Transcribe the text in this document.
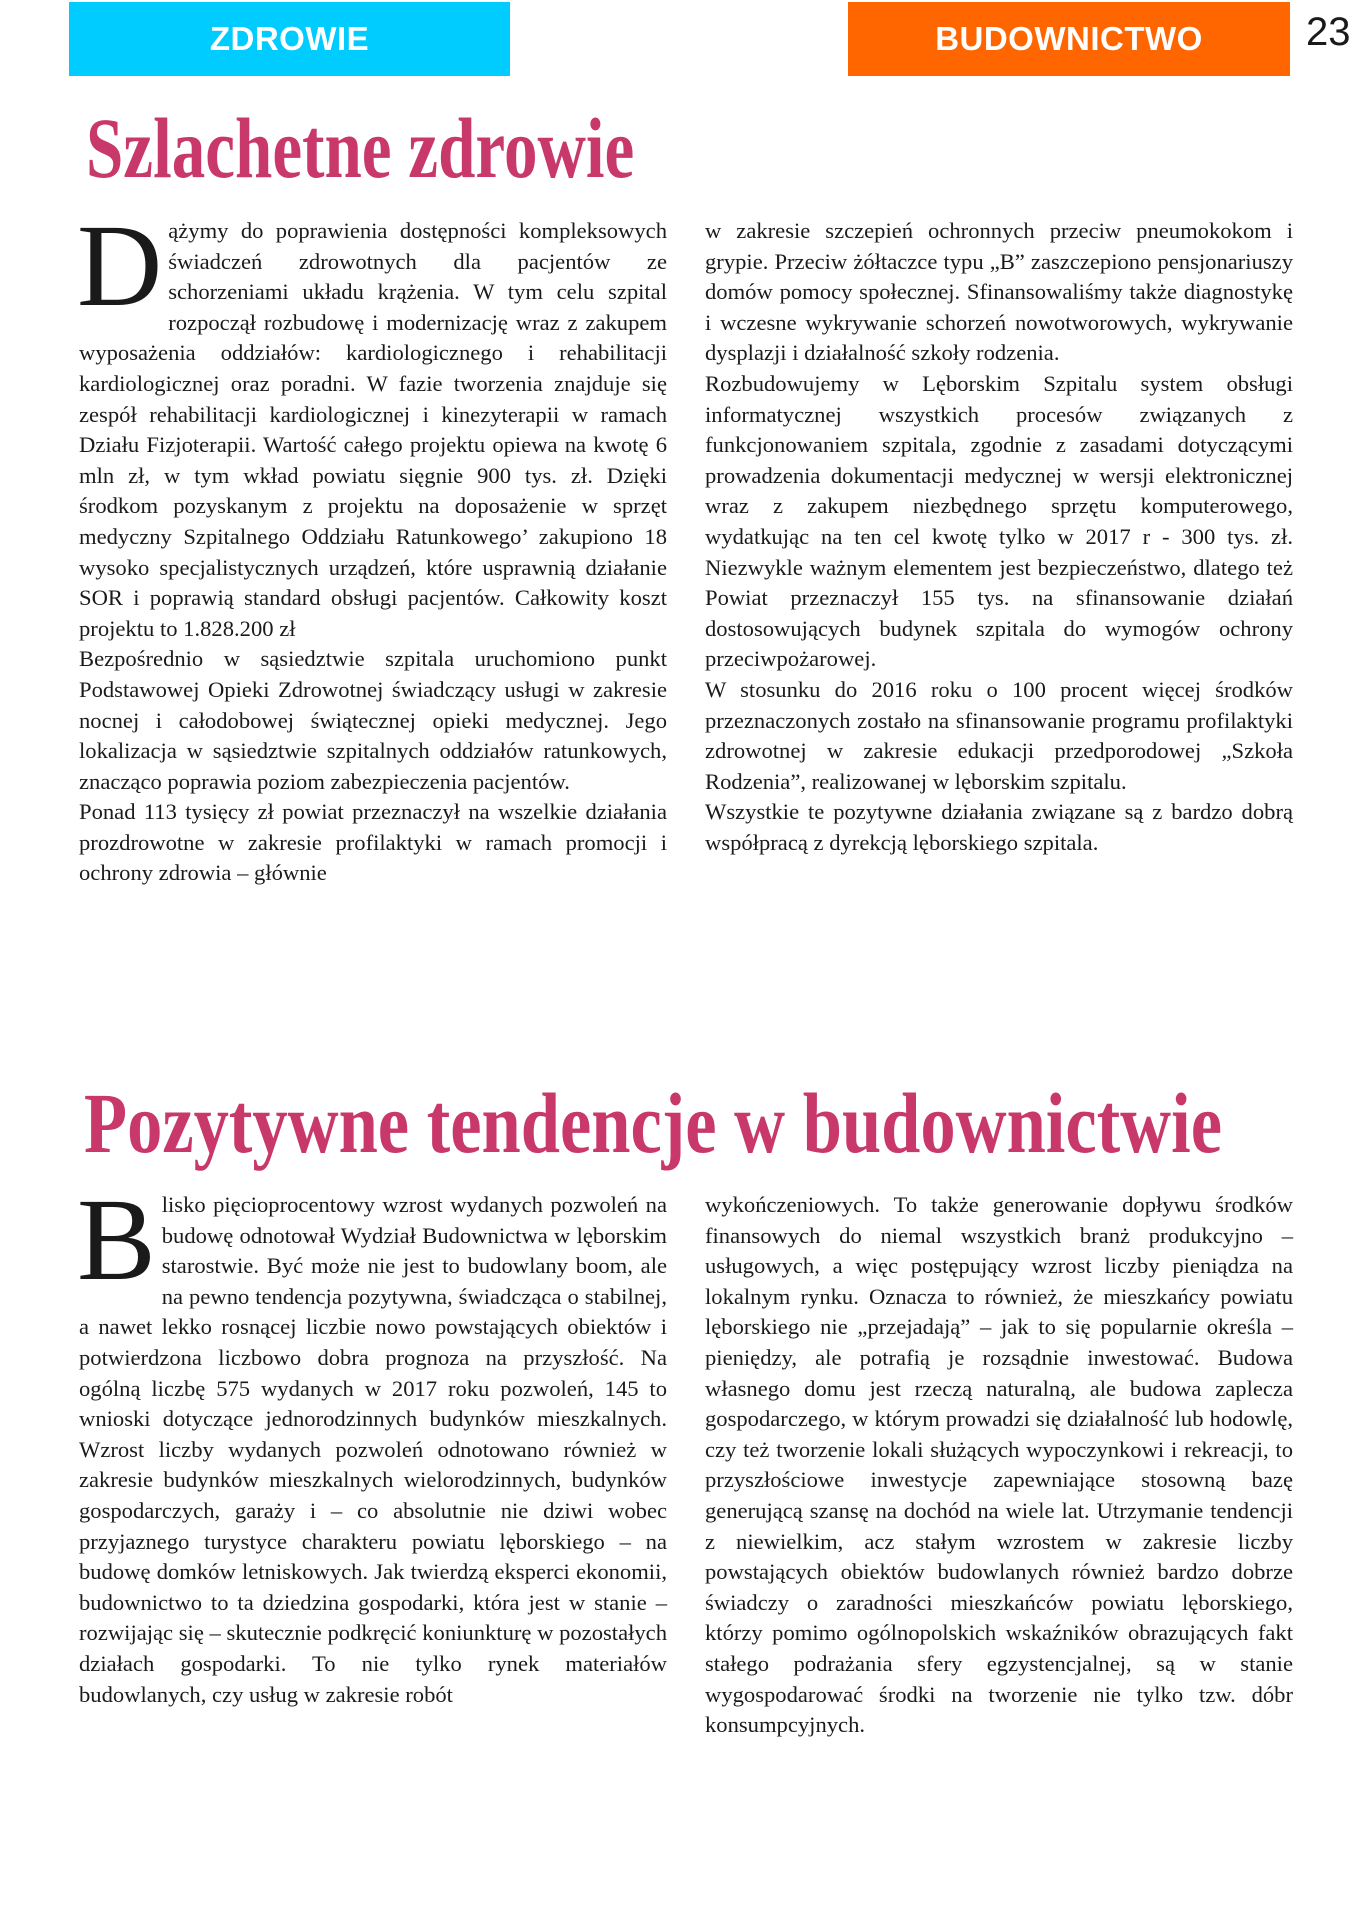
ZDROWIE	BUDOWNICTWO	23
Szlachetne zdrowie

Dążymy do poprawienia dostępności kompleksowych świadczeń zdrowotnych dla pacjentów ze schorzeniami układu krążenia. W tym celu szpital rozpoczął rozbudowę i modernizację wraz z zakupem wyposażenia oddziałów: kardiologicznego i rehabilitacji kardiologicznej oraz poradni. W fazie tworzenia znajduje się zespół rehabilitacji kardiologicznej i kinezyterapii w ramach Działu Fizjoterapii. Wartość całego projektu opiewa na kwotę 6 mln zł, w tym wkład powiatu sięgnie 900 tys. zł. Dzięki środkom pozyskanym z projektu na doposażenie w sprzęt medyczny Szpitalnego Oddziału Ratunkowego’ zakupiono 18 wysoko specjalistycznych urządzeń, które usprawnią działanie SOR i poprawią standard obsługi pacjentów. Całkowity koszt projektu to 1.828.200 zł

Bezpośrednio w sąsiedztwie szpitala uruchomiono punkt Podstawowej Opieki Zdrowotnej świadczący usługi w zakresie nocnej i całodobowej świątecznej opieki medycznej. Jego lokalizacja w sąsiedztwie szpitalnych oddziałów ratunkowych, znacząco poprawia poziom zabezpieczenia pacjentów.

Ponad 113 tysięcy zł powiat przeznaczył na wszelkie działania prozdrowotne w zakresie profilaktyki w ramach promocji i ochrony zdrowia – głównie

w zakresie szczepień ochronnych przeciw pneumokokom i grypie. Przeciw żółtaczce typu „B” zaszczepiono pensjonariuszy domów pomocy społecznej. Sfinansowaliśmy także diagnostykę i wczesne wykrywanie schorzeń nowotworowych, wykrywanie dysplazji i działalność szkoły rodzenia.

Rozbudowujemy w Lęborskim Szpitalu system obsługi informatycznej wszystkich procesów związanych z funkcjonowaniem szpitala, zgodnie z zasadami dotyczącymi prowadzenia dokumentacji medycznej w wersji elektronicznej wraz z zakupem niezbędnego sprzętu komputerowego, wydatkując na ten cel kwotę tylko w 2017 r - 300 tys. zł. Niezwykle ważnym elementem jest bezpieczeństwo, dlatego też Powiat przeznaczył 155 tys. na sfinansowanie działań dostosowujących budynek szpitala do wymogów ochrony przeciwpożarowej.

W stosunku do 2016 roku o 100 procent więcej środków przeznaczonych zostało na sfinansowanie programu profilaktyki zdrowotnej w zakresie edukacji przedporodowej „Szkoła Rodzenia”, realizowanej w lęborskim szpitalu.

Wszystkie te pozytywne działania związane są z bardzo dobrą współpracą z dyrekcją lęborskiego szpitala.

Pozytywne tendencje w budownictwie

Blisko pięcioprocentowy wzrost wydanych pozwoleń na budowę odnotował Wydział Budownictwa w lęborskim starostwie. Być może nie jest to budowlany boom, ale na pewno tendencja pozytywna, świadcząca o stabilnej, a nawet lekko rosnącej liczbie nowo powstających obiektów i potwierdzona liczbowo dobra prognoza na przyszłość. Na ogólną liczbę 575 wydanych w 2017 roku pozwoleń, 145 to wnioski dotyczące jednorodzinnych budynków mieszkalnych. Wzrost liczby wydanych pozwoleń odnotowano również w zakresie budynków mieszkalnych wielorodzinnych, budynków gospodarczych, garaży i – co absolutnie nie dziwi wobec przyjaznego turystyce charakteru powiatu lęborskiego – na budowę domków letniskowych. Jak twierdzą eksperci ekonomii, budownictwo to ta dziedzina gospodarki, która jest w stanie – rozwijając się – skutecznie podkręcić koniunkturę w pozostałych działach gospodarki. To nie tylko rynek materiałów budowlanych, czy usług w zakresie robót

wykończeniowych. To także generowanie dopływu środków finansowych do niemal wszystkich branż produkcyjno – usługowych, a więc postępujący wzrost liczby pieniądza na lokalnym rynku. Oznacza to również, że mieszkańcy powiatu lęborskiego nie „przejadają” – jak to się popularnie określa – pieniędzy, ale potrafią je rozsądnie inwestować. Budowa własnego domu jest rzeczą naturalną, ale budowa zaplecza gospodarczego, w którym prowadzi się działalność lub hodowlę, czy też tworzenie lokali służących wypoczynkowi i rekreacji, to przyszłościowe inwestycje zapewniające stosowną bazę generującą szansę na dochód na wiele lat. Utrzymanie tendencji z niewielkim, acz stałym wzrostem w zakresie liczby powstających obiektów budowlanych również bardzo dobrze świadczy o zaradności mieszkańców powiatu lęborskiego, którzy pomimo ogólnopolskich wskaźników obrazujących fakt stałego podrażania sfery egzystencjalnej, są w stanie wygospodarować środki na tworzenie nie tylko tzw. dóbr konsumpcyjnych.
